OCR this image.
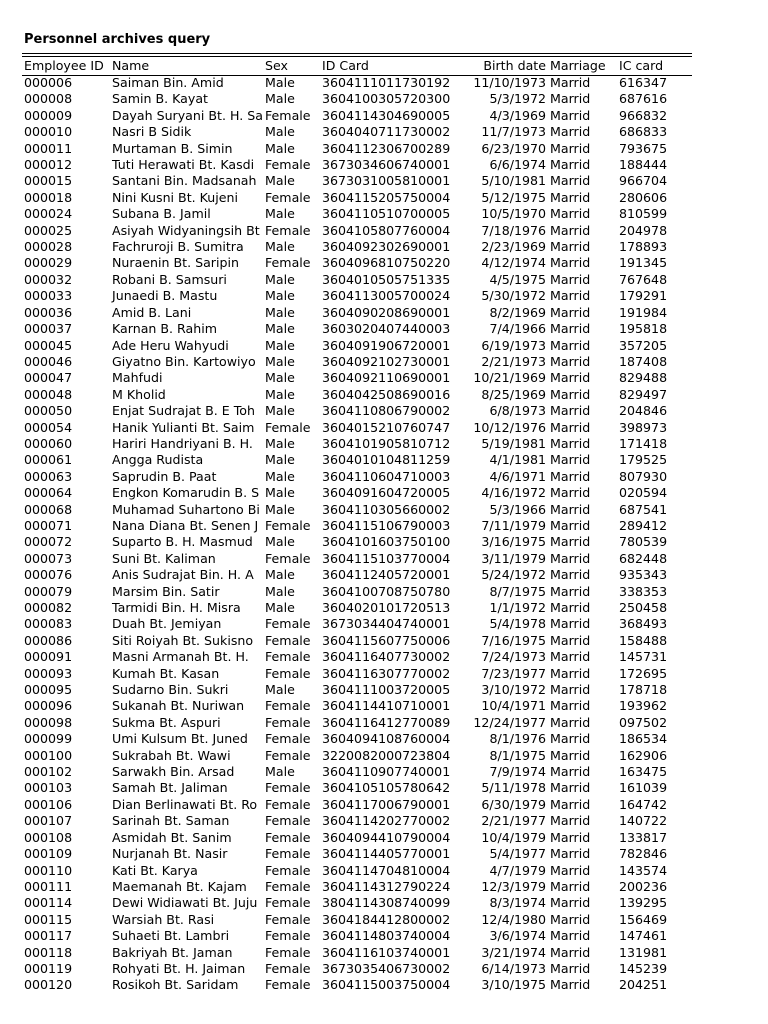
Personnel archives query
Employee ID	Name	Sex	ID Card	Birth date	Marriage	IC card
000006	Saiman Bin. Amid	Male	3604111011730192	11/10/1973	Marrid	616347
000008	Samin B. Kayat	Male	3604100305720300	5/3/1972	Marrid	687616
000009	Dayah Suryani Bt. H. Sa	Female	3604114304690005	4/3/1969	Marrid	966832
000010	Nasri B Sidik	Male	3604040711730002	11/7/1973	Marrid	686833
000011	Murtaman B. Simin	Male	3604112306700289	6/23/1970	Marrid	793675
000012	Tuti Herawati Bt. Kasdi	Female	3673034606740001	6/6/1974	Marrid	188444
000015	Santani Bin. Madsanah	Male	3673031005810001	5/10/1981	Marrid	966704
000018	Nini Kusni Bt. Kujeni	Female	3604115205750004	5/12/1975	Marrid	280606
000024	Subana B. Jamil	Male	3604110510700005	10/5/1970	Marrid	810599
000025	Asiyah Widyaningsih Bt	Female	3604105807760004	7/18/1976	Marrid	204978
000028	Fachruroji B. Sumitra	Male	3604092302690001	2/23/1969	Marrid	178893
000029	Nuraenin Bt. Saripin	Female	3604096810750220	4/12/1974	Marrid	191345
000032	Robani B. Samsuri	Male	3604010505751335	4/5/1975	Marrid	767648
000033	Junaedi B. Mastu	Male	3604113005700024	5/30/1972	Marrid	179291
000036	Amid B. Lani	Male	3604090208690001	8/2/1969	Marrid	191984
000037	Karnan B. Rahim	Male	3603020407440003	7/4/1966	Marrid	195818
000045	Ade Heru Wahyudi	Male	3604091906720001	6/19/1973	Marrid	357205
000046	Giyatno Bin. Kartowiyo	Male	3604092102730001	2/21/1973	Marrid	187408
000047	Mahfudi	Male	3604092110690001	10/21/1969	Marrid	829488
000048	M Kholid	Male	3604042508690016	8/25/1969	Marrid	829497
000050	Enjat Sudrajat B. E Toh	Male	3604110806790002	6/8/1973	Marrid	204846
000054	Hanik Yulianti Bt. Saim	Female	3604015210760747	10/12/1976	Marrid	398973
000060	Hariri Handriyani B. H.	Male	3604101905810712	5/19/1981	Marrid	171418
000061	Angga Rudista	Male	3604010104811259	4/1/1981	Marrid	179525
000063	Saprudin B. Paat	Male	3604110604710003	4/6/1971	Marrid	807930
000064	Engkon Komarudin B. S	Male	3604091604720005	4/16/1972	Marrid	020594
000068	Muhamad Suhartono Bi	Male	3604110305660002	5/3/1966	Marrid	687541
000071	Nana Diana Bt. Senen J	Female	3604115106790003	7/11/1979	Marrid	289412
000072	Suparto B. H. Masmud	Male	3604101603750100	3/16/1975	Marrid	780539
000073	Suni Bt. Kaliman	Female	3604115103770004	3/11/1979	Marrid	682448
000076	Anis Sudrajat Bin. H. A	Male	3604112405720001	5/24/1972	Marrid	935343
000079	Marsim Bin. Satir	Male	3604100708750780	8/7/1975	Marrid	338353
000082	Tarmidi Bin. H. Misra	Male	3604020101720513	1/1/1972	Marrid	250458
000083	Duah Bt. Jemiyan	Female	3673034404740001	5/4/1978	Marrid	368493
000086	Siti Roiyah Bt. Sukisno	Female	3604115607750006	7/16/1975	Marrid	158488
000091	Masni Armanah Bt. H.	Female	3604116407730002	7/24/1973	Marrid	145731
000093	Kumah Bt. Kasan	Female	3604116307770002	7/23/1977	Marrid	172695
000095	Sudarno Bin. Sukri	Male	3604111003720005	3/10/1972	Marrid	178718
000096	Sukanah Bt. Nuriwan	Female	3604114410710001	10/4/1971	Marrid	193962
000098	Sukma Bt. Aspuri	Female	3604116412770089	12/24/1977	Marrid	097502
000099	Umi Kulsum Bt. Juned	Female	3604094108760004	8/1/1976	Marrid	186534
000100	Sukrabah Bt. Wawi	Female	3220082000723804	8/1/1975	Marrid	162906
000102	Sarwakh Bin. Arsad	Male	3604110907740001	7/9/1974	Marrid	163475
000103	Samah Bt. Jaliman	Female	3604105105780642	5/11/1978	Marrid	161039
000106	Dian Berlinawati Bt. Ro	Female	3604117006790001	6/30/1979	Marrid	164742
000107	Sarinah Bt. Saman	Female	3604114202770002	2/21/1977	Marrid	140722
000108	Asmidah Bt. Sanim	Female	3604094410790004	10/4/1979	Marrid	133817
000109	Nurjanah Bt. Nasir	Female	3604114405770001	5/4/1977	Marrid	782846
000110	Kati Bt. Karya	Female	3604114704810004	4/7/1979	Marrid	143574
000111	Maemanah Bt. Kajam	Female	3604114312790224	12/3/1979	Marrid	200236
000114	Dewi Widiawati Bt. Juju	Female	3804114308740099	8/3/1974	Marrid	139295
000115	Warsiah Bt. Rasi	Female	3604184412800002	12/4/1980	Marrid	156469
000117	Suhaeti Bt. Lambri	Female	3604114803740004	3/6/1974	Marrid	147461
000118	Bakriyah Bt. Jaman	Female	3604116103740001	3/21/1974	Marrid	131981
000119	Rohyati Bt. H. Jaiman	Female	3673035406730002	6/14/1973	Marrid	145239
000120	Rosikoh Bt. Saridam	Female	3604115003750004	3/10/1975	Marrid	204251
